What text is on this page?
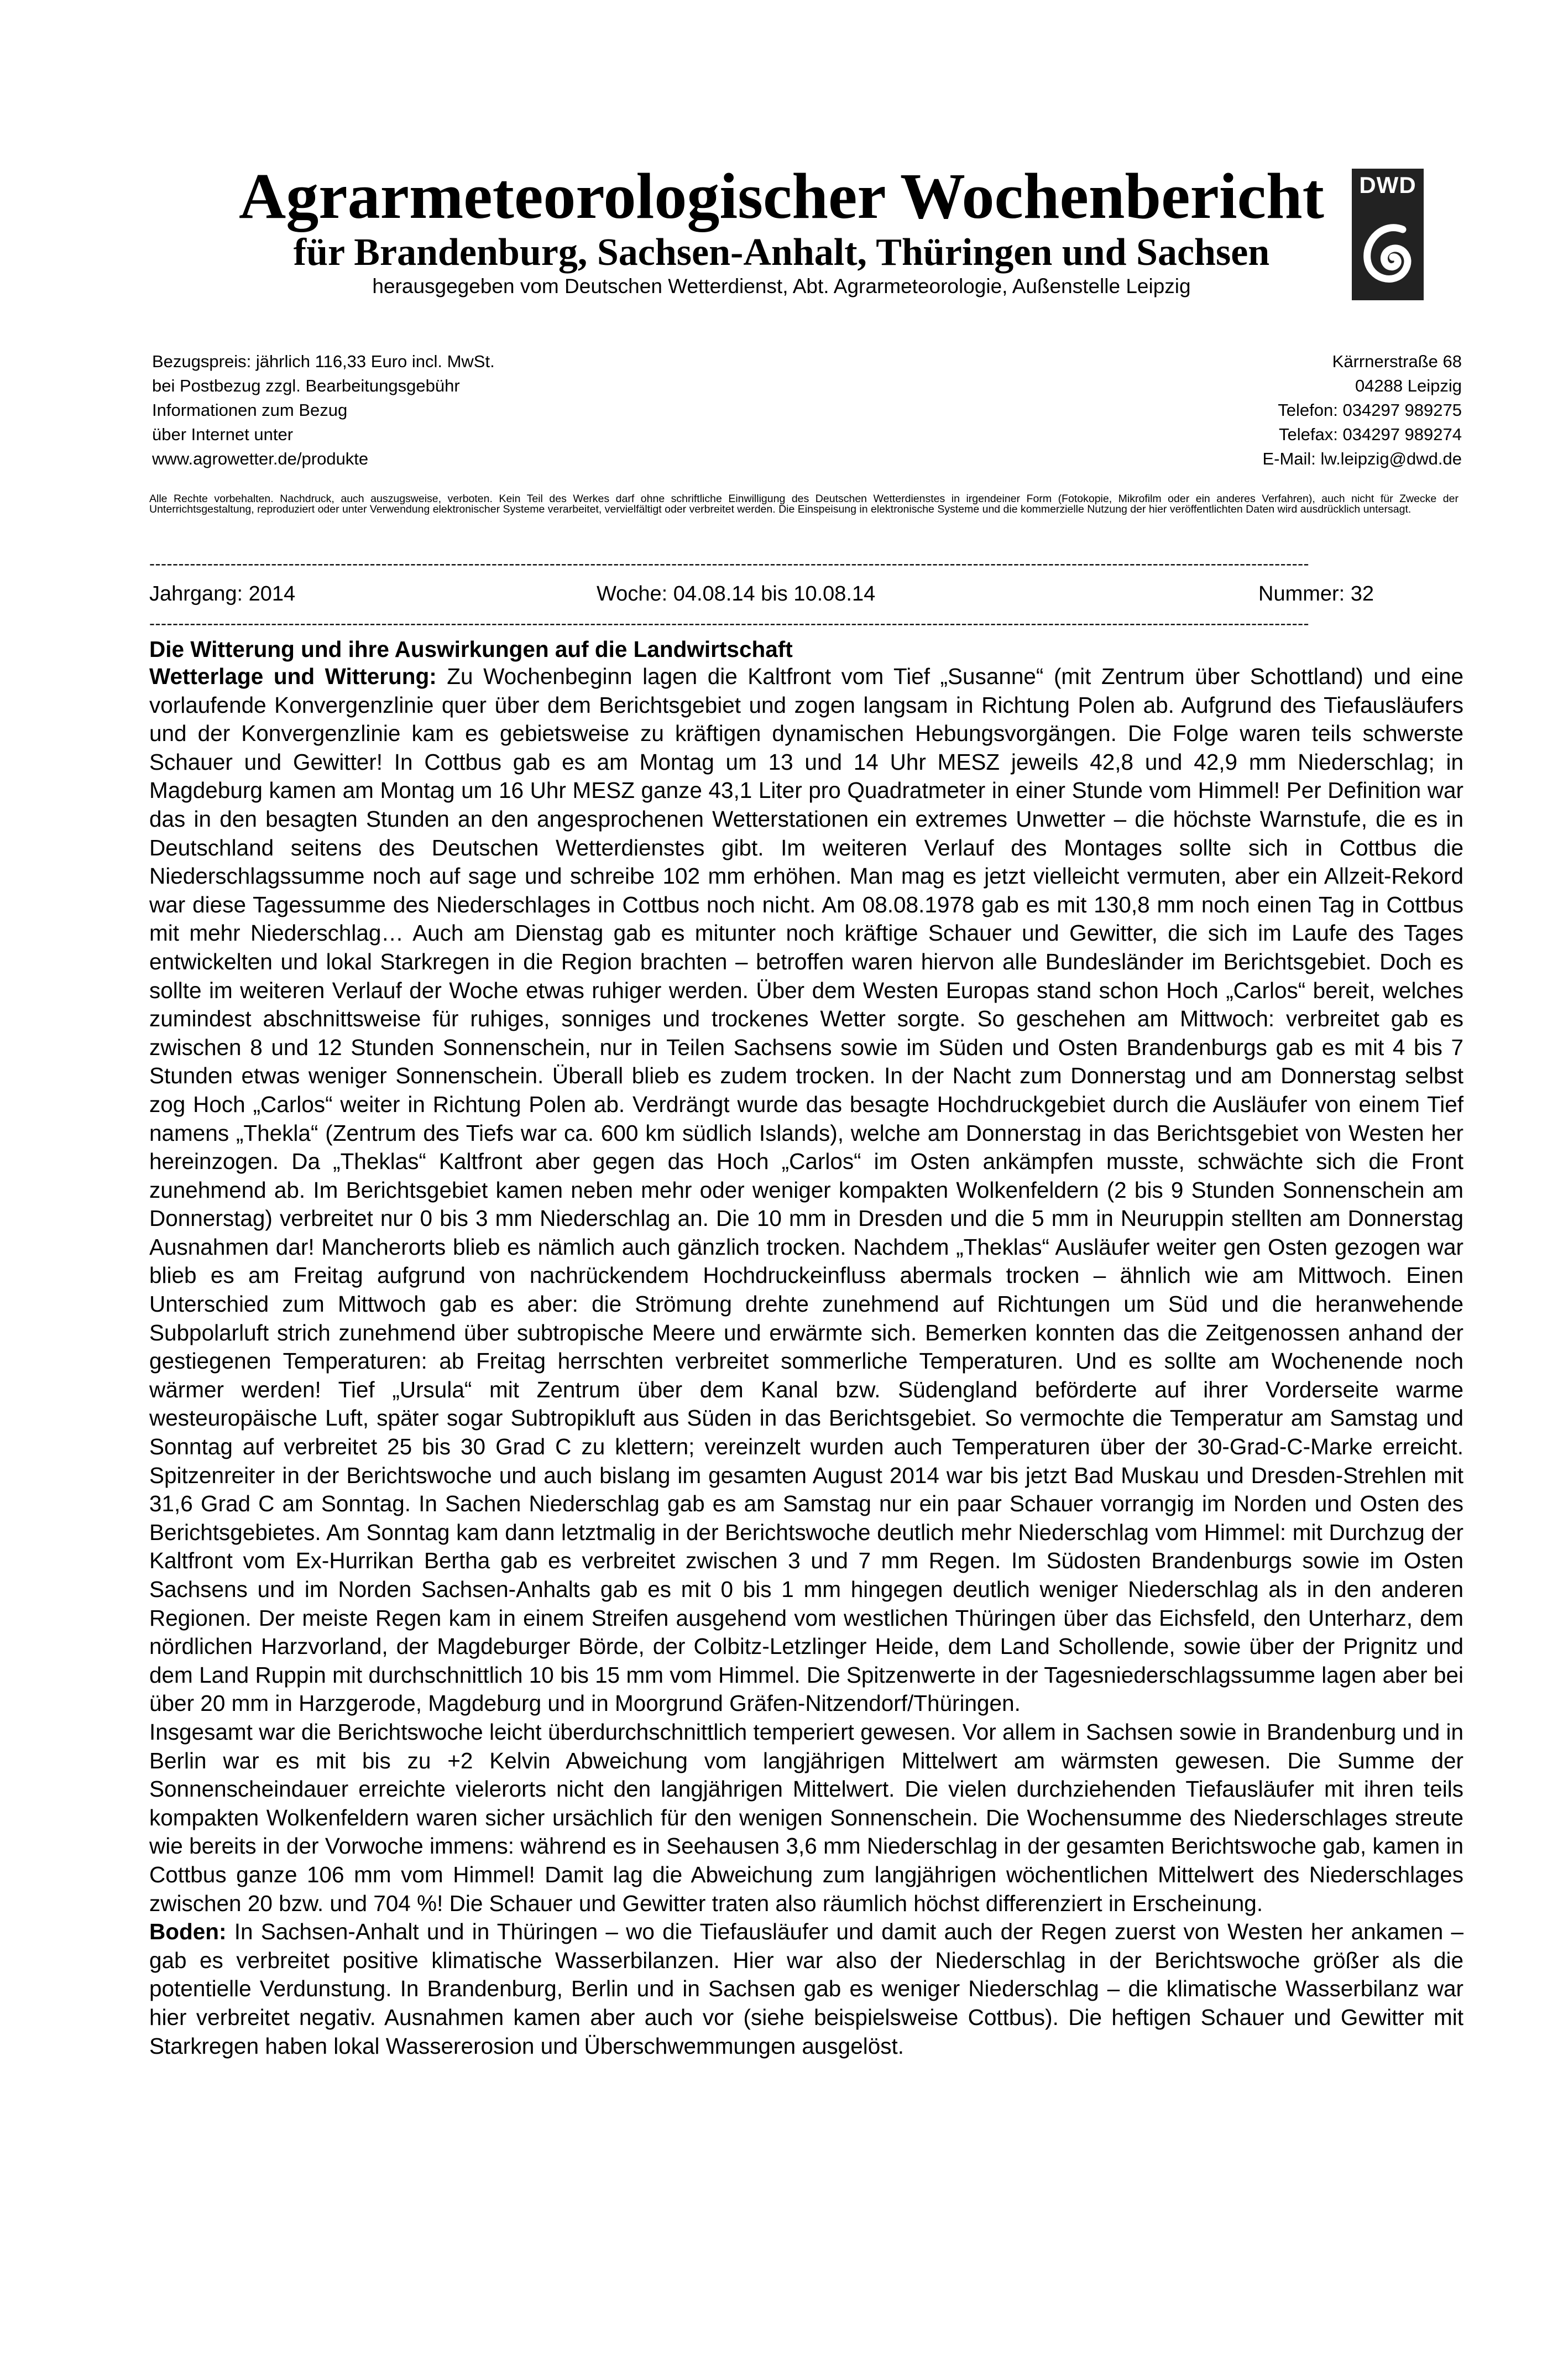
Agrarmeteorologischer Wochenbericht
für Brandenburg, Sachsen-Anhalt, Thüringen und Sachsen
herausgegeben vom Deutschen Wetterdienst, Abt. Agrarmeteorologie, Außenstelle Leipzig
DWD
Bezugspreis: jährlich 116,33 Euro incl. MwSt.
bei Postbezug zzgl. Bearbeitungsgebühr
Informationen zum Bezug
über Internet unter
www.agrowetter.de/produkte
Kärrnerstraße 68
04288 Leipzig
Telefon: 034297 989275
Telefax: 034297 989274
E-Mail: lw.leipzig@dwd.de
Alle Rechte vorbehalten. Nachdruck, auch auszugsweise, verboten. Kein Teil des Werkes darf ohne schriftliche Einwilligung des Deutschen Wetterdienstes in irgendeiner Form (Fotokopie, Mikrofilm oder ein anderes Verfahren), auch nicht für Zwecke der Unterrichtsgestaltung, reproduziert oder unter Verwendung elektronischer Systeme verarbeitet, vervielfältigt oder verbreitet werden. Die Einspeisung in elektronische Systeme und die kommerzielle Nutzung der hier veröffentlichten Daten wird ausdrücklich untersagt.
--------------------------------------------------------------------------------------------------------------------------------------------------------------------------------------------------------
Jahrgang: 2014	Woche: 04.08.14 bis 10.08.14	Nummer: 32
--------------------------------------------------------------------------------------------------------------------------------------------------------------------------------------------------------
Die Witterung und ihre Auswirkungen auf die Landwirtschaft

Wetterlage und Witterung: Zu Wochenbeginn lagen die Kaltfront vom Tief „Susanne“ (mit Zentrum über Schottland) und eine vorlaufende Konvergenzlinie quer über dem Berichtsgebiet und zogen langsam in Richtung Polen ab. Aufgrund des Tiefausläufers und der Konvergenzlinie kam es gebietsweise zu kräftigen dynamischen Hebungsvorgängen. Die Folge waren teils schwerste Schauer und Gewitter! In Cottbus gab es am Montag um 13 und 14 Uhr MESZ jeweils 42,8 und 42,9 mm Niederschlag; in Magdeburg kamen am Montag um 16 Uhr MESZ ganze 43,1 Liter pro Quadratmeter in einer Stunde vom Himmel! Per Definition war das in den besagten Stunden an den angesprochenen Wetterstationen ein extremes Unwetter – die höchste Warnstufe, die es in Deutschland seitens des Deutschen Wetterdienstes gibt. Im weiteren Verlauf des Montages sollte sich in Cottbus die Niederschlagssumme noch auf sage und schreibe 102 mm erhöhen. Man mag es jetzt vielleicht vermuten, aber ein Allzeit-Rekord war diese Tagessumme des Niederschlages in Cottbus noch nicht. Am 08.08.1978 gab es mit 130,8 mm noch einen Tag in Cottbus mit mehr Niederschlag… Auch am Dienstag gab es mitunter noch kräftige Schauer und Gewitter, die sich im Laufe des Tages entwickelten und lokal Starkregen in die Region brachten – betroffen waren hiervon alle Bundesländer im Berichtsgebiet. Doch es sollte im weiteren Verlauf der Woche etwas ruhiger werden. Über dem Westen Europas stand schon Hoch „Carlos“ bereit, welches zumindest abschnittsweise für ruhiges, sonniges und trockenes Wetter sorgte. So geschehen am Mittwoch: verbreitet gab es zwischen 8 und 12 Stunden Sonnenschein, nur in Teilen Sachsens sowie im Süden und Osten Brandenburgs gab es mit 4 bis 7 Stunden etwas weniger Sonnenschein. Überall blieb es zudem trocken. In der Nacht zum Donnerstag und am Donnerstag selbst zog Hoch „Carlos“ weiter in Richtung Polen ab. Verdrängt wurde das besagte Hochdruckgebiet durch die Ausläufer von einem Tief namens „Thekla“ (Zentrum des Tiefs war ca. 600 km südlich Islands), welche am Donnerstag in das Berichtsgebiet von Westen her hereinzogen. Da „Theklas“ Kaltfront aber gegen das Hoch „Carlos“ im Osten ankämpfen musste, schwächte sich die Front zunehmend ab. Im Berichtsgebiet kamen neben mehr oder weniger kompakten Wolkenfeldern (2 bis 9 Stunden Sonnenschein am Donnerstag) verbreitet nur 0 bis 3 mm Niederschlag an. Die 10 mm in Dresden und die 5 mm in Neuruppin stellten am Donnerstag Ausnahmen dar! Mancherorts blieb es nämlich auch gänzlich trocken. Nachdem „Theklas“ Ausläufer weiter gen Osten gezogen war blieb es am Freitag aufgrund von nachrückendem Hochdruckeinfluss abermals trocken – ähnlich wie am Mittwoch. Einen Unterschied zum Mittwoch gab es aber: die Strömung drehte zunehmend auf Richtungen um Süd und die heranwehende Subpolarluft strich zunehmend über subtropische Meere und erwärmte sich. Bemerken konnten das die Zeitgenossen anhand der gestiegenen Temperaturen: ab Freitag herrschten verbreitet sommerliche Temperaturen. Und es sollte am Wochenende noch wärmer werden! Tief „Ursula“ mit Zentrum über dem Kanal bzw. Südengland beförderte auf ihrer Vorderseite warme westeuropäische Luft, später sogar Subtropikluft aus Süden in das Berichtsgebiet. So vermochte die Temperatur am Samstag und Sonntag auf verbreitet 25 bis 30 Grad C zu klettern; vereinzelt wurden auch Temperaturen über der 30-Grad-C-Marke erreicht. Spitzenreiter in der Berichtswoche und auch bislang im gesamten August 2014 war bis jetzt Bad Muskau und Dresden-Strehlen mit 31,6 Grad C am Sonntag. In Sachen Niederschlag gab es am Samstag nur ein paar Schauer vorrangig im Norden und Osten des Berichtsgebietes. Am Sonntag kam dann letztmalig in der Berichtswoche deutlich mehr Niederschlag vom Himmel: mit Durchzug der Kaltfront vom Ex-Hurrikan Bertha gab es verbreitet zwischen 3 und 7 mm Regen. Im Südosten Brandenburgs sowie im Osten Sachsens und im Norden Sachsen-Anhalts gab es mit 0 bis 1 mm hingegen deutlich weniger Niederschlag als in den anderen Regionen. Der meiste Regen kam in einem Streifen ausgehend vom westlichen Thüringen über das Eichsfeld, den Unterharz, dem nördlichen Harzvorland, der Magdeburger Börde, der Colbitz-Letzlinger Heide, dem Land Schollende, sowie über der Prignitz und dem Land Ruppin mit durchschnittlich 10 bis 15 mm vom Himmel. Die Spitzenwerte in der Tagesniederschlagssumme lagen aber bei über 20 mm in Harzgerode, Magdeburg und in Moorgrund Gräfen-Nitzendorf/Thüringen.

Insgesamt war die Berichtswoche leicht überdurchschnittlich temperiert gewesen. Vor allem in Sachsen sowie in Brandenburg und in Berlin war es mit bis zu +2 Kelvin Abweichung vom langjährigen Mittelwert am wärmsten gewesen. Die Summe der Sonnenscheindauer erreichte vielerorts nicht den langjährigen Mittelwert. Die vielen durchziehenden Tiefausläufer mit ihren teils kompakten Wolkenfeldern waren sicher ursächlich für den wenigen Sonnenschein. Die Wochensumme des Niederschlages streute wie bereits in der Vorwoche immens: während es in Seehausen 3,6 mm Niederschlag in der gesamten Berichtswoche gab, kamen in Cottbus ganze 106 mm vom Himmel! Damit lag die Abweichung zum langjährigen wöchentlichen Mittelwert des Niederschlages zwischen 20 bzw. und 704 %! Die Schauer und Gewitter traten also räumlich höchst differenziert in Erscheinung.

Boden: In Sachsen-Anhalt und in Thüringen – wo die Tiefausläufer und damit auch der Regen zuerst von Westen her ankamen – gab es verbreitet positive klimatische Wasserbilanzen. Hier war also der Niederschlag in der Berichtswoche größer als die potentielle Verdunstung. In Brandenburg, Berlin und in Sachsen gab es weniger Niederschlag – die klimatische Wasserbilanz war hier verbreitet negativ. Ausnahmen kamen aber auch vor (siehe beispielsweise Cottbus). Die heftigen Schauer und Gewitter mit Starkregen haben lokal Wassererosion und Überschwemmungen ausgelöst.
